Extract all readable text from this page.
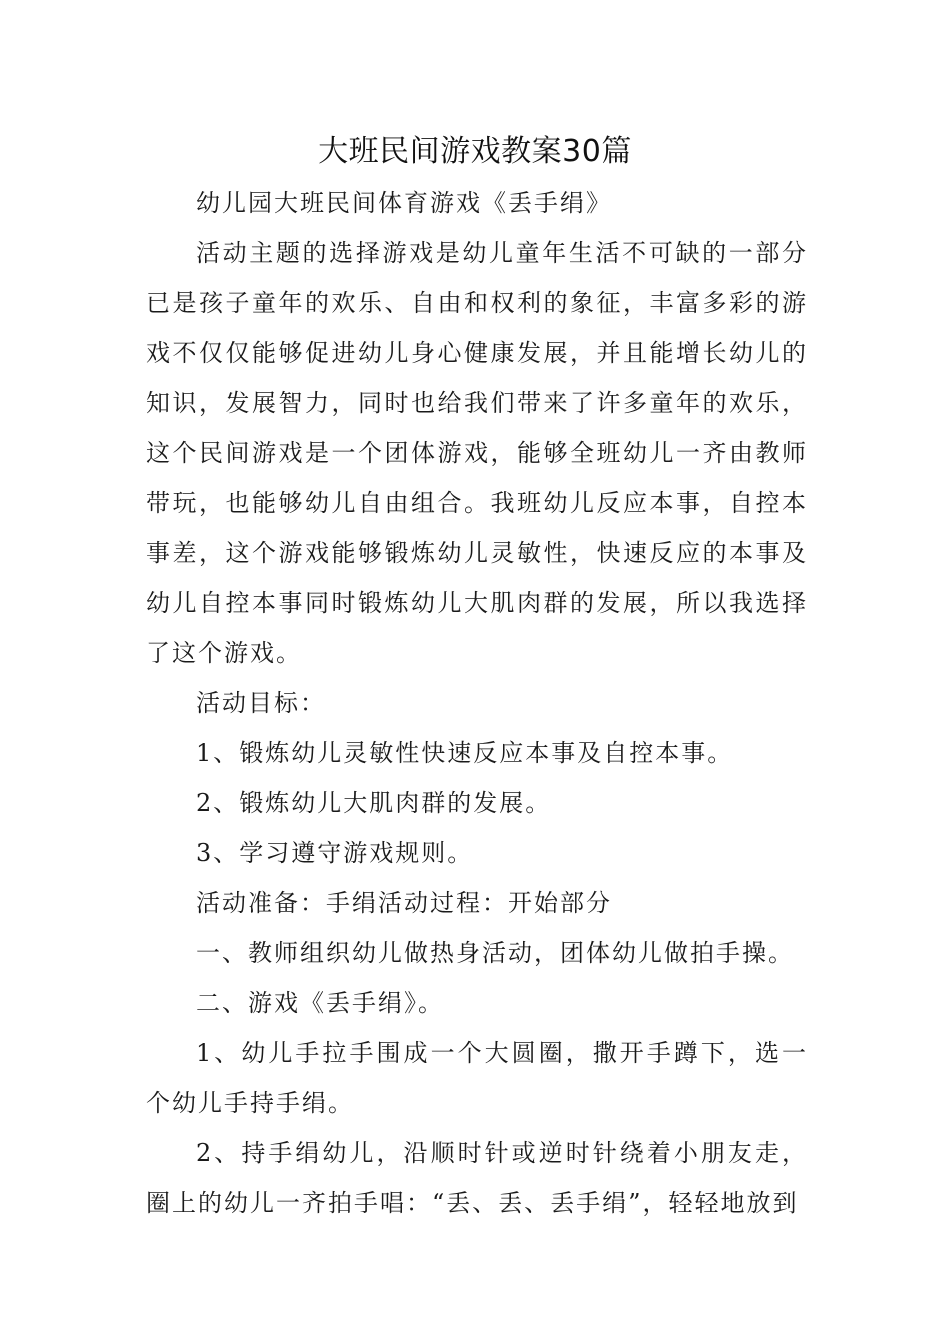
大班民间游戏教案30篇

幼儿园大班民间体育游戏《丢手绢》

活动主题的选择游戏是幼儿童年生活不可缺的一部分已是孩子童年的欢乐、自由和权利的象征，丰富多彩的游戏不仅仅能够促进幼儿身心健康发展，并且能增长幼儿的知识，发展智力，同时也给我们带来了许多童年的欢乐，这个民间游戏是一个团体游戏，能够全班幼儿一齐由教师带玩，也能够幼儿自由组合。我班幼儿反应本事，自控本事差，这个游戏能够锻炼幼儿灵敏性，快速反应的本事及幼儿自控本事同时锻炼幼儿大肌肉群的发展，所以我选择了这个游戏。

活动目标：

1、锻炼幼儿灵敏性快速反应本事及自控本事。

2、锻炼幼儿大肌肉群的发展。

3、学习遵守游戏规则。

活动准备：手绢活动过程：开始部分

一、教师组织幼儿做热身活动，团体幼儿做拍手操。

二、游戏《丢手绢》。

1、幼儿手拉手围成一个大圆圈，撒开手蹲下，选一个幼儿手持手绢。

2、持手绢幼儿，沿顺时针或逆时针绕着小朋友走，圈上的幼儿一齐拍手唱：“丢、丢、丢手绢”，轻轻地放到
